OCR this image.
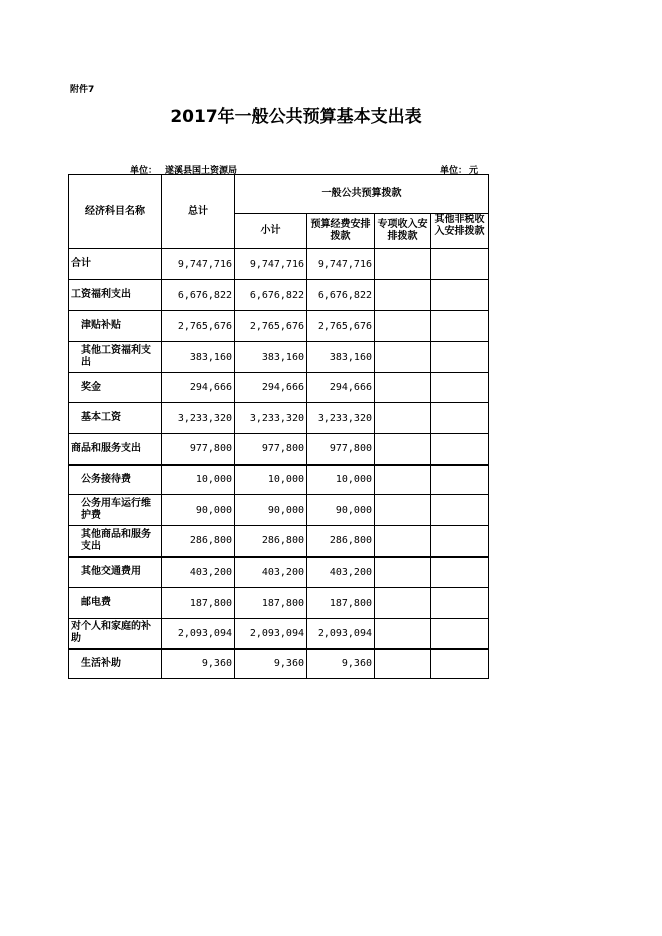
附件7
2017年一般公共预算基本支出表
单位： 遂溪县国土资源局	单位： 元
经济科目名称	总计	一般公共预算拨款			
		小计	预算经费安排拨款	专项收入安排拨款	其他非税收入安排拨款

合计	9,747,716	9,747,716	9,747,716		
工资福利支出	6,676,822	6,676,822	6,676,822		
津贴补贴	2,765,676	2,765,676	2,765,676		
其他工资福利支出	383,160	383,160	383,160		
奖金	294,666	294,666	294,666		
基本工资	3,233,320	3,233,320	3,233,320		
商品和服务支出	977,800	977,800	977,800		
公务接待费	10,000	10,000	10,000		
公务用车运行维护费	90,000	90,000	90,000		
其他商品和服务支出	286,800	286,800	286,800		
其他交通费用	403,200	403,200	403,200		
邮电费	187,800	187,800	187,800		
对个人和家庭的补助	2,093,094	2,093,094	2,093,094		
生活补助	9,360	9,360	9,360		
